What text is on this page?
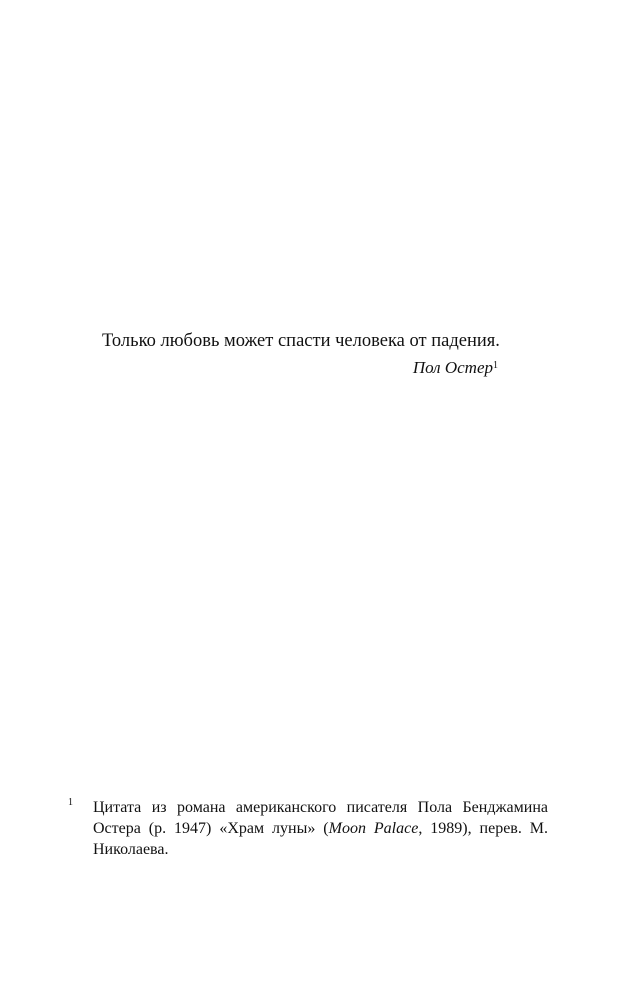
Только любовь может спасти человека от падения.

Пол Остер$^1$
1 Цитата из романа американского писателя Пола Бенджамина Остера (р. 1947) «Храм луны» (Moon Palace, 1989), перев. М. Николаева.
